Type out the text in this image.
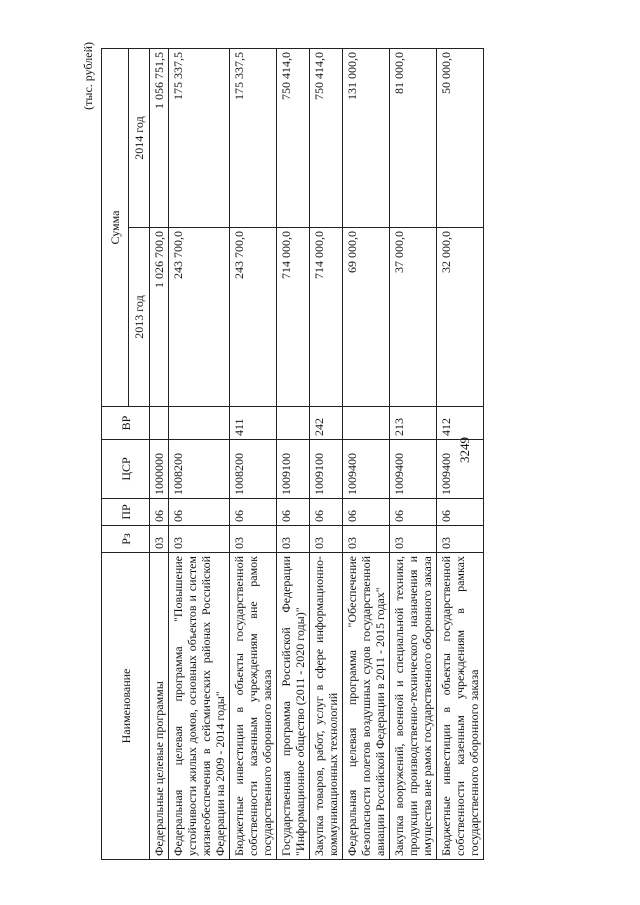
3249
(тыс. рублей)
Наименование	Рз	ПР	ЦСР	ВР	Сумма	
					2013 год	2014 год
Федеральные целевые программы	03	06	1000000		1 026 700,0	1 056 751,5
Федеральная целевая программа "Повышение устойчивости жилых домов, основных объектов и систем жизнеобеспечения в сейсмических районах Российской Федерации на 2009 - 2014 годы"	03	06	1008200		243 700,0	175 337,5
Бюджетные инвестиции в объекты государственной собственности казенным учреждениям вне рамок государственного оборонного заказа	03	06	1008200	411	243 700,0	175 337,5
Государственная программа Российской Федерации "Информационное общество (2011 - 2020 годы)"	03	06	1009100		714 000,0	750 414,0
Закупка товаров, работ, услуг в сфере информационно-коммуникационных технологий	03	06	1009100	242	714 000,0	750 414,0
Федеральная целевая программа "Обеспечение безопасности полетов воздушных судов государственной авиации Российской Федерации в 2011 - 2015 годах"	03	06	1009400		69 000,0	131 000,0
Закупка вооружений, военной и специальной техники, продукции производственно-технического назначения и имущества вне рамок государственного оборонного заказа	03	06	1009400	213	37 000,0	81 000,0
Бюджетные инвестиции в объекты государственной собственности казенным учреждениям в рамках государственного оборонного заказа	03	06	1009400	412	32 000,0	50 000,0
